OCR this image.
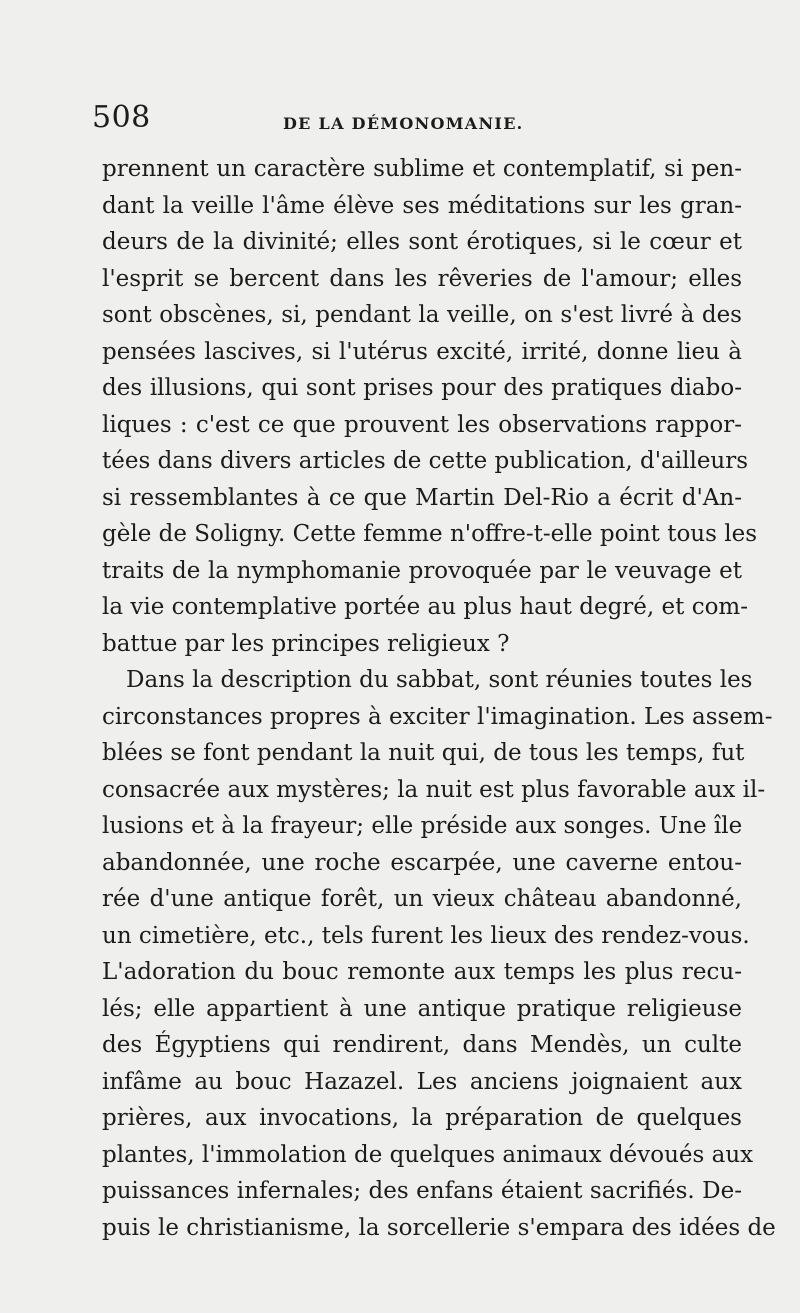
508	DE LA DÉMONOMANIE.
prennent un caractère sublime et contemplatif, si pen-
dant la veille l'âme élève ses méditations sur les gran-
deurs de la divinité; elles sont érotiques, si le cœur et
l'esprit se bercent dans les rêveries de l'amour; elles
sont obscènes, si, pendant la veille, on s'est livré à des
pensées lascives, si l'utérus excité, irrité, donne lieu à
des illusions, qui sont prises pour des pratiques diabo-
liques : c'est ce que prouvent les observations rappor-
tées dans divers articles de cette publication, d'ailleurs
si ressemblantes à ce que Martin Del-Rio a écrit d'An-
gèle de Soligny. Cette femme n'offre-t-elle point tous les
traits de la nymphomanie provoquée par le veuvage et
la vie contemplative portée au plus haut degré, et com-
battue par les principes religieux ?
Dans la description du sabbat, sont réunies toutes les
circonstances propres à exciter l'imagination. Les assem-
blées se font pendant la nuit qui, de tous les temps, fut
consacrée aux mystères; la nuit est plus favorable aux il-
lusions et à la frayeur; elle préside aux songes. Une île
abandonnée, une roche escarpée, une caverne entou-
rée d'une antique forêt, un vieux château abandonné,
un cimetière, etc., tels furent les lieux des rendez-vous.
L'adoration du bouc remonte aux temps les plus recu-
lés; elle appartient à une antique pratique religieuse
des Égyptiens qui rendirent, dans Mendès, un culte
infâme au bouc Hazazel. Les anciens joignaient aux
prières, aux invocations, la préparation de quelques
plantes, l'immolation de quelques animaux dévoués aux
puissances infernales; des enfans étaient sacrifiés. De-
puis le christianisme, la sorcellerie s'empara des idées de
